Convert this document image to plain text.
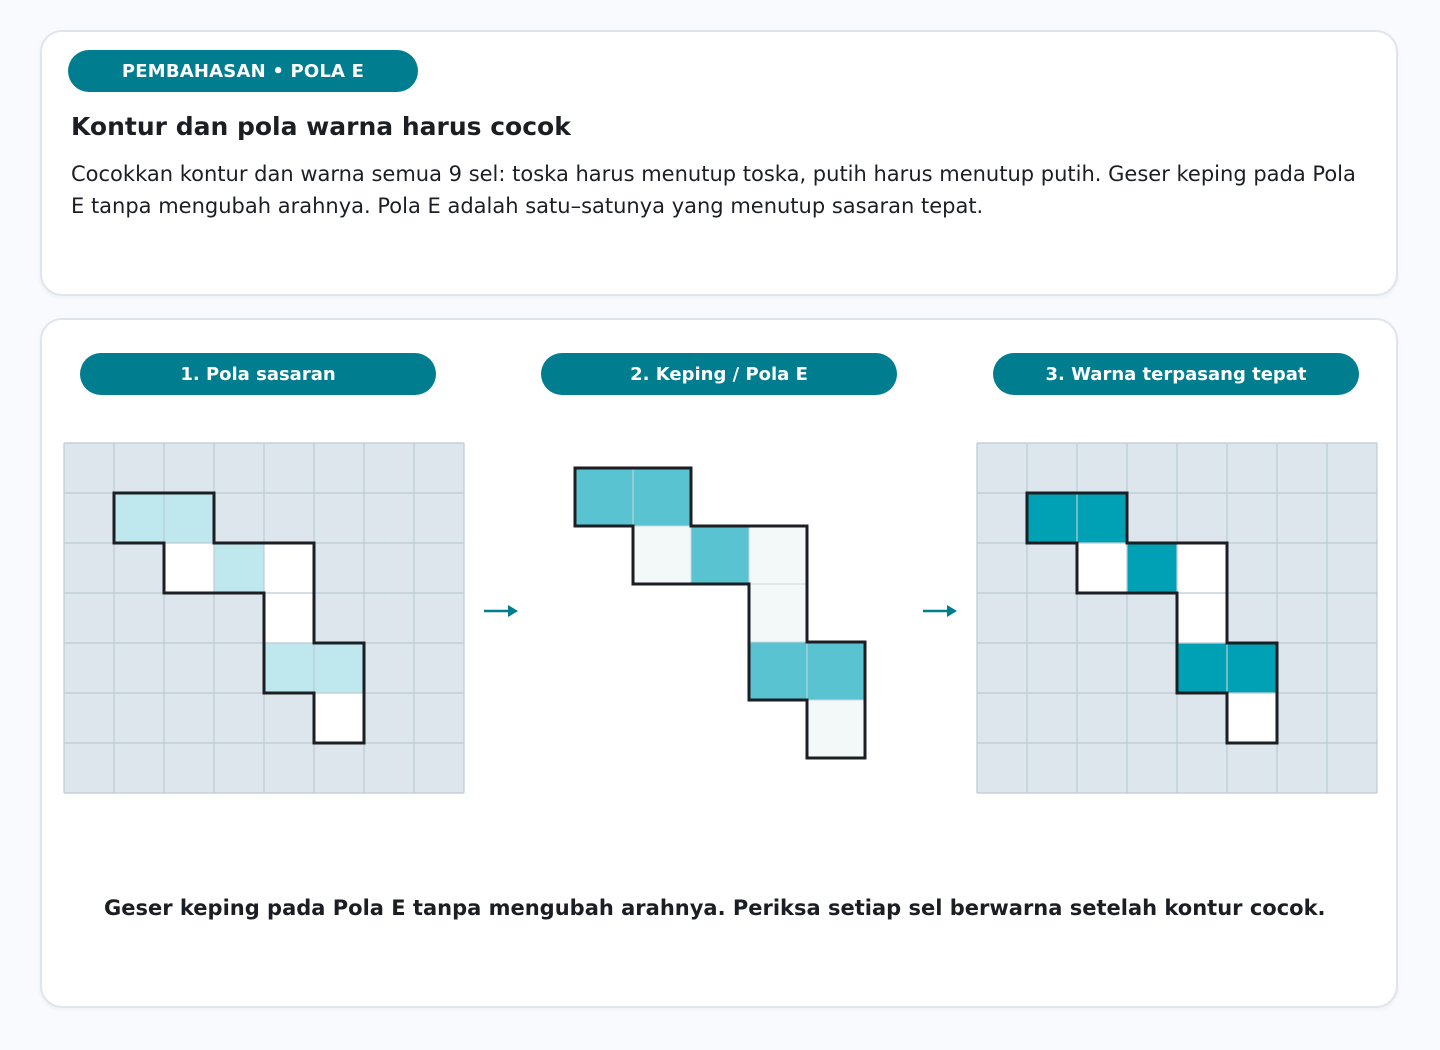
PEMBAHASAN • POLA E
Kontur dan pola warna harus cocok

Cocokkan kontur dan warna semua 9 sel: toska harus menutup toska, putih harus menutup putih. Geser keping pada Pola E tanpa mengubah arahnya. Pola E adalah satu–satunya yang menutup sasaran tepat.

1. Pola sasaran	2. Keping / Pola E	3. Warna terpasang tepat

Geser keping pada Pola E tanpa mengubah arahnya. Periksa setiap sel berwarna setelah kontur cocok.
